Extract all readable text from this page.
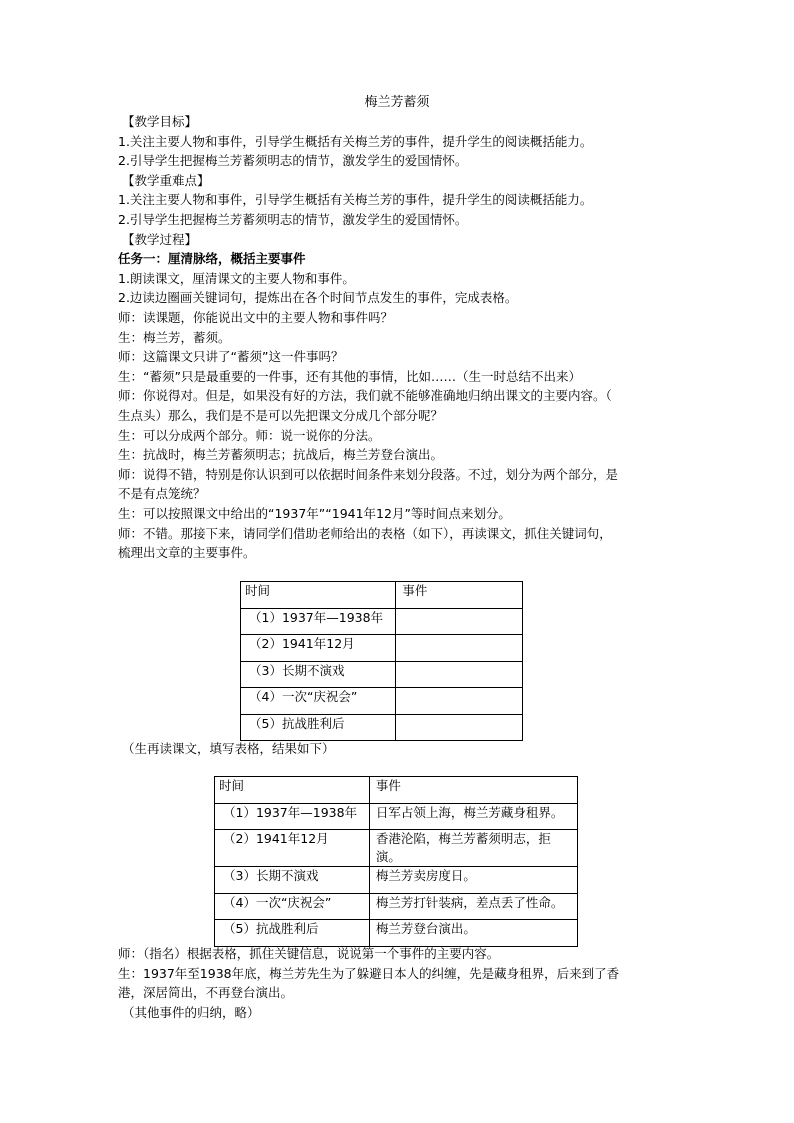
梅兰芳蓄须
【教学目标】
1.关注主要人物和事件，引导学生概括有关梅兰芳的事件，提升学生的阅读概括能力。
2.引导学生把握梅兰芳蓄须明志的情节，激发学生的爱国情怀。
【教学重难点】
1.关注主要人物和事件，引导学生概括有关梅兰芳的事件，提升学生的阅读概括能力。
2.引导学生把握梅兰芳蓄须明志的情节，激发学生的爱国情怀。
【教学过程】
任务一：厘清脉络，概括主要事件
1.朗读课文，厘清课文的主要人物和事件。
2.边读边圈画关键词句，提炼出在各个时间节点发生的事件，完成表格。
师：读课题，你能说出文中的主要人物和事件吗？
生：梅兰芳，蓄须。
师：这篇课文只讲了“蓄须”这一件事吗？
生：“蓄须”只是最重要的一件事，还有其他的事情，比如……（生一时总结不出来）
师：你说得对。但是，如果没有好的方法，我们就不能够准确地归纳出课文的主要内容。（
生点头）那么，我们是不是可以先把课文分成几个部分呢？
生：可以分成两个部分。师：说一说你的分法。
生：抗战时，梅兰芳蓄须明志；抗战后，梅兰芳登台演出。
师：说得不错，特别是你认识到可以依据时间条件来划分段落。不过，划分为两个部分，是
不是有点笼统？
生：可以按照课文中给出的“1937年”“1941年12月”等时间点来划分。
师：不错。那接下来，请同学们借助老师给出的表格（如下），再读课文，抓住关键词句，
梳理出文章的主要事件。
时间	事件
（1）1937年—1938年	
（2）1941年12月	
（3）长期不演戏	
（4）一次“庆祝会”	
（5）抗战胜利后	
（生再读课文，填写表格，结果如下）
时间	事件
（1）1937年—1938年	日军占领上海，梅兰芳藏身租界。
（2）1941年12月	香港沦陷，梅兰芳蓄须明志，拒演。
（3）长期不演戏	梅兰芳卖房度日。
（4）一次“庆祝会”	梅兰芳打针装病，差点丢了性命。
（5）抗战胜利后	梅兰芳登台演出。
师：（指名）根据表格，抓住关键信息，说说第一个事件的主要内容。
生：1937年至1938年底，梅兰芳先生为了躲避日本人的纠缠，先是藏身租界，后来到了香
港，深居简出，不再登台演出。
（其他事件的归纳，略）
